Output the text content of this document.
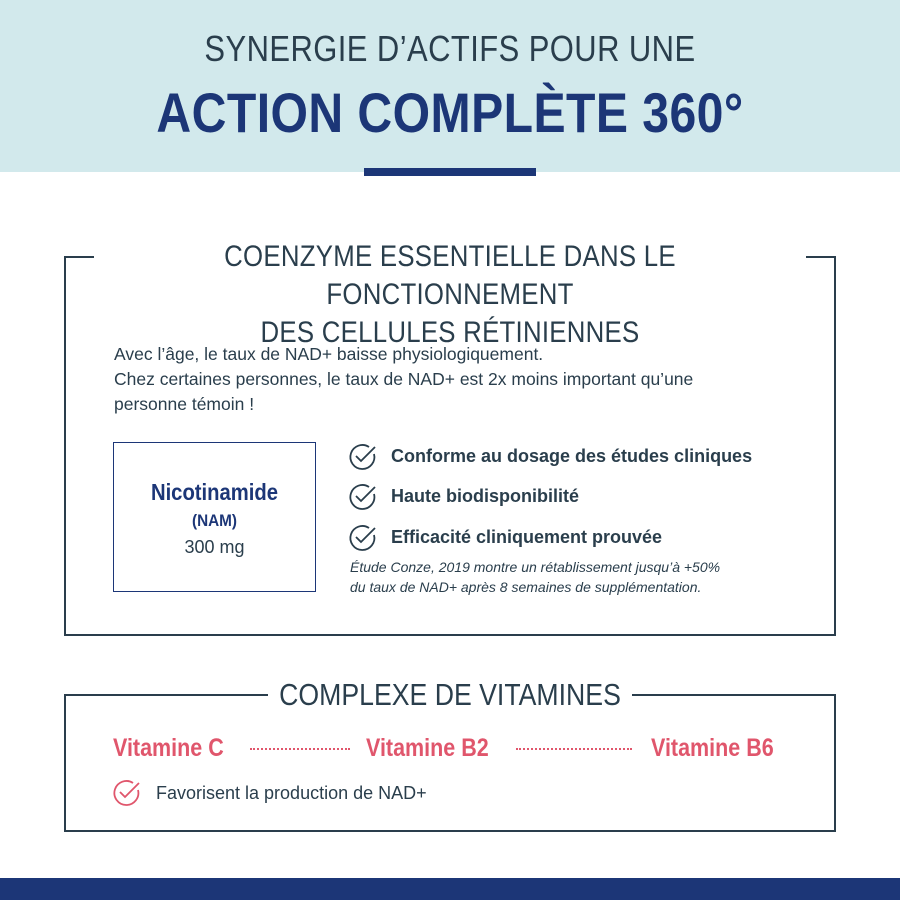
SYNERGIE D’ACTIFS POUR UNE
ACTION COMPLÈTE 360°
COENZYME ESSENTIELLE DANS LE FONCTIONNEMENT
DES CELLULES RÉTINIENNES
Avec l’âge, le taux de NAD+ baisse physiologiquement.
Chez certaines personnes, le taux de NAD+ est 2x moins important qu’une
personne témoin !
Nicotinamide
(NAM)
300 mg
Conforme au dosage des études cliniques
Haute biodisponibilité
Efficacité cliniquement prouvée
Étude Conze, 2019 montre un rétablissement jusqu’à +50%
du taux de NAD+ après 8 semaines de supplémentation.
COMPLEXE DE VITAMINES
Vitamine C	Vitamine B2	Vitamine B6
Favorisent la production de NAD+
